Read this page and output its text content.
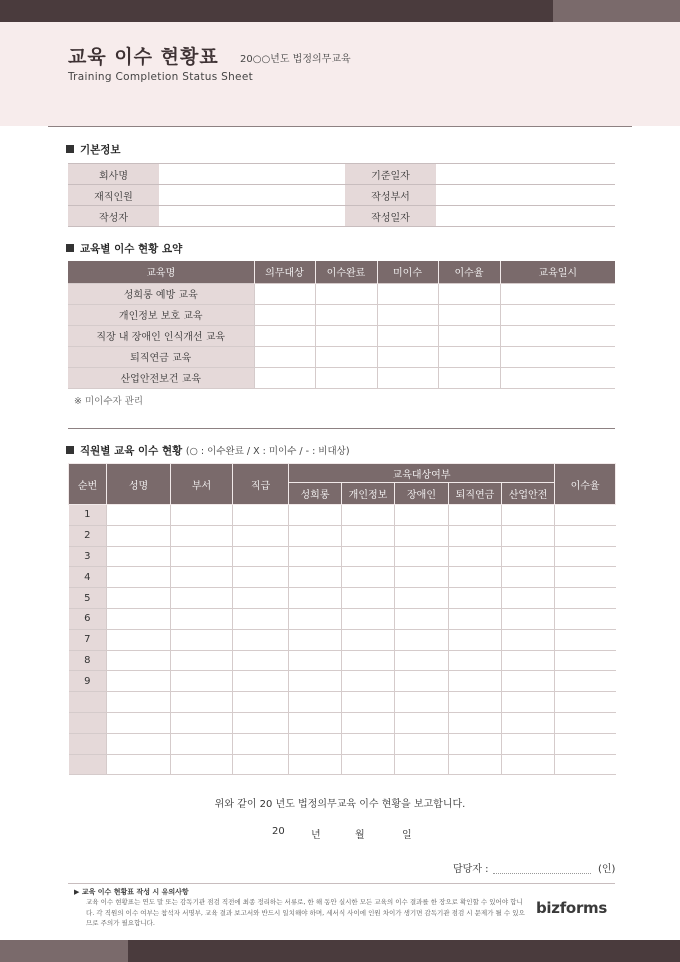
교육 이수 현황표 20○○년도 법정의무교육
Training Completion Status Sheet
기본정보
회사명		기준일자	
재직인원		작성부서	
작성자		작성일자	
교육별 이수 현황 요약
교육명	의무대상	이수완료	미이수	이수율	교육일시
성희롱 예방 교육					
개인정보 보호 교육					
직장 내 장애인 인식개선 교육					
퇴직연금 교육					
산업안전보건 교육					
※ 미이수자 관리
직원별 교육 이수 현황 (○ : 이수완료 / X : 미이수 / - : 비대상)
순번	성명	부서	직급	교육대상여부					이수율
				성희롱	개인정보	장애인	퇴직연금	산업안전	
1									
2									
3									
4									
5									
6									
7									
8									
9									

위와 같이 20 년도 법정의무교육 이수 현황을 보고합니다.
20	년	월	일
담당자 :	(인)
▶ 교육 이수 현황표 작성 시 유의사항
교육 이수 현황표는 연도 말 또는 감독기관 점검 직전에 최종 정리하는 서류로, 한 해 동안 실시한 모든 교육의 이수 결과를 한 장으로 확인할 수 있어야 합니다. 각 직원의 이수 여부는 참석자 서명부, 교육 결과 보고서와 반드시 일치해야 하며, 세서식 사이에 인원 차이가 생기면 감독기관 점검 시 문제가 될 수 있으므로 주의가 필요합니다.
bizforms
